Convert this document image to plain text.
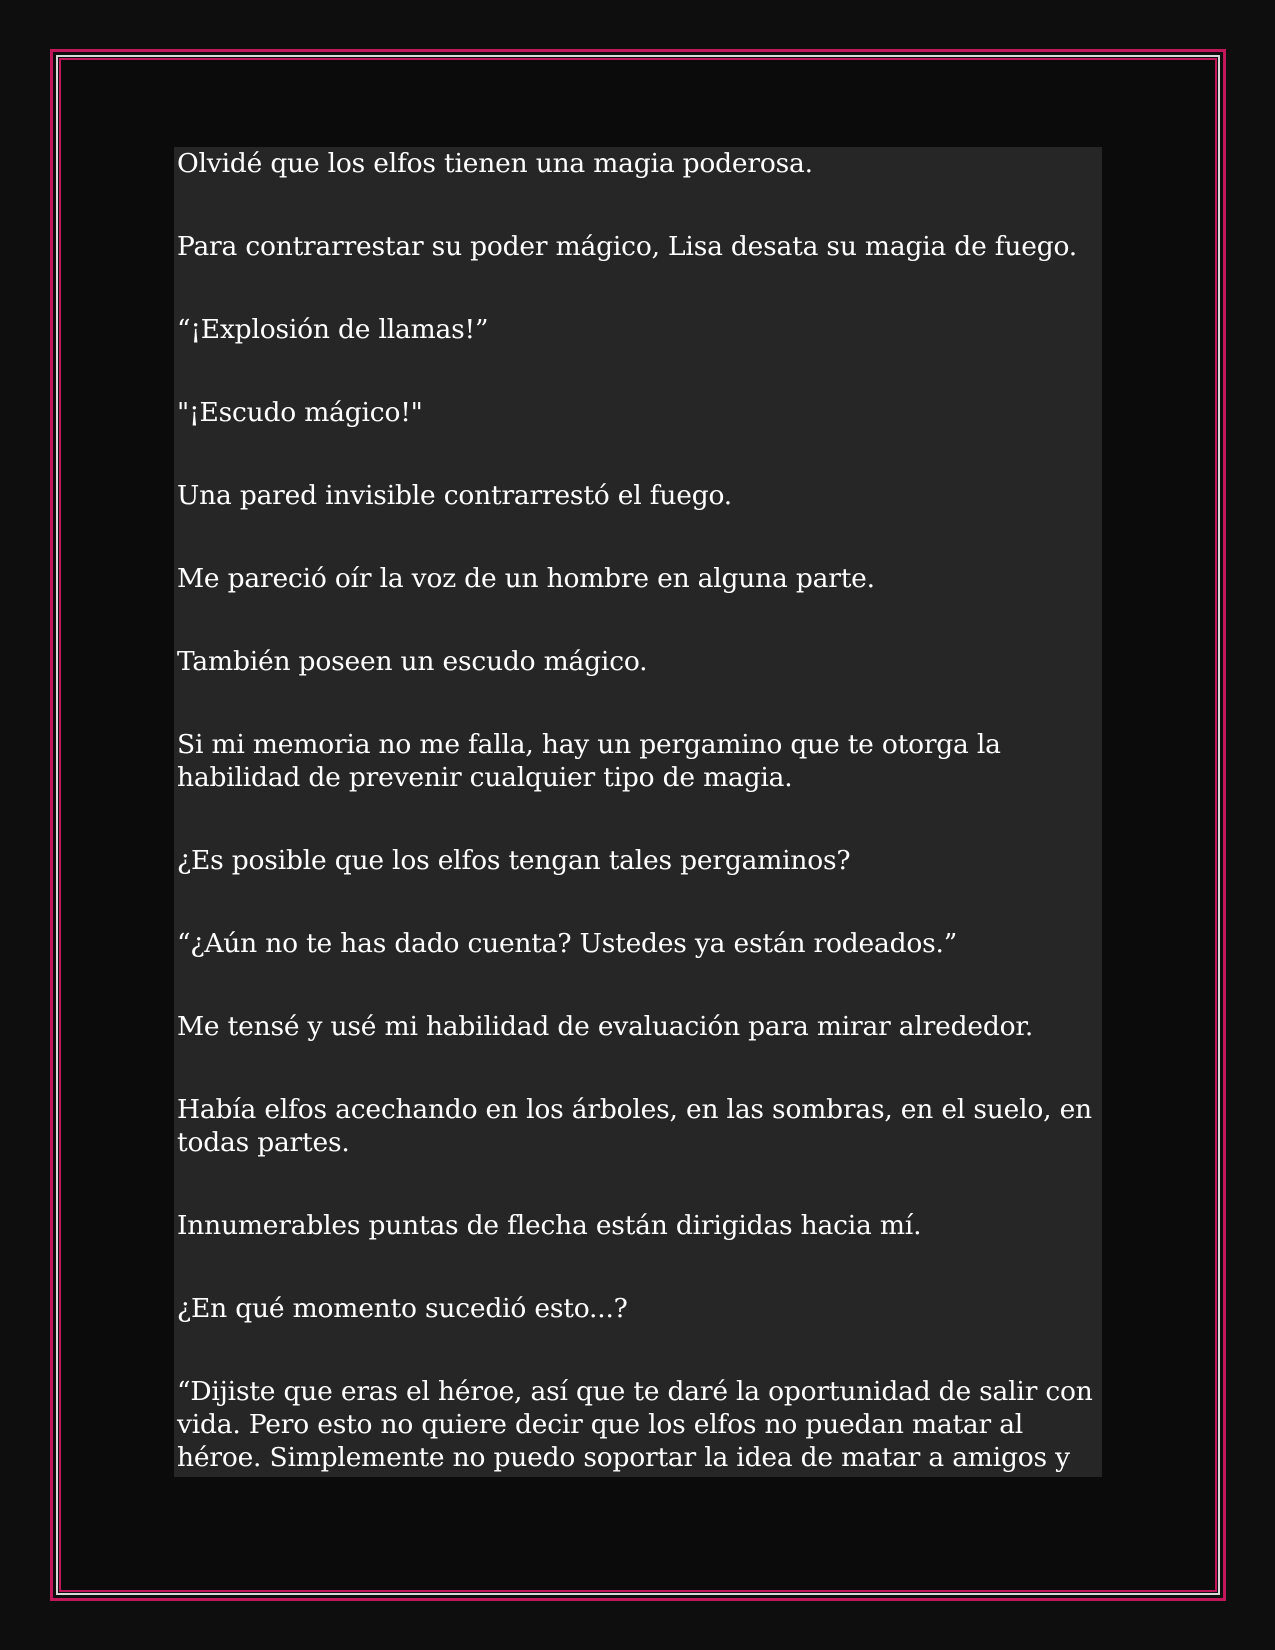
Olvidé que los elfos tienen una magia poderosa.

Para contrarrestar su poder mágico, Lisa desata su magia de fuego.

“¡Explosión de llamas!”

"¡Escudo mágico!"

Una pared invisible contrarrestó el fuego.

Me pareció oír la voz de un hombre en alguna parte.

También poseen un escudo mágico.

Si mi memoria no me falla, hay un pergamino que te otorga la habilidad de prevenir cualquier tipo de magia.

¿Es posible que los elfos tengan tales pergaminos?

“¿Aún no te has dado cuenta? Ustedes ya están rodeados.”

Me tensé y usé mi habilidad de evaluación para mirar alrededor.

Había elfos acechando en los árboles, en las sombras, en el suelo, en todas partes.

Innumerables puntas de flecha están dirigidas hacia mí.

¿En qué momento sucedió esto...?

“Dijiste que eras el héroe, así que te daré la oportunidad de salir con vida. Pero esto no quiere decir que los elfos no puedan matar al héroe. Simplemente no puedo soportar la idea de matar a amigos y
